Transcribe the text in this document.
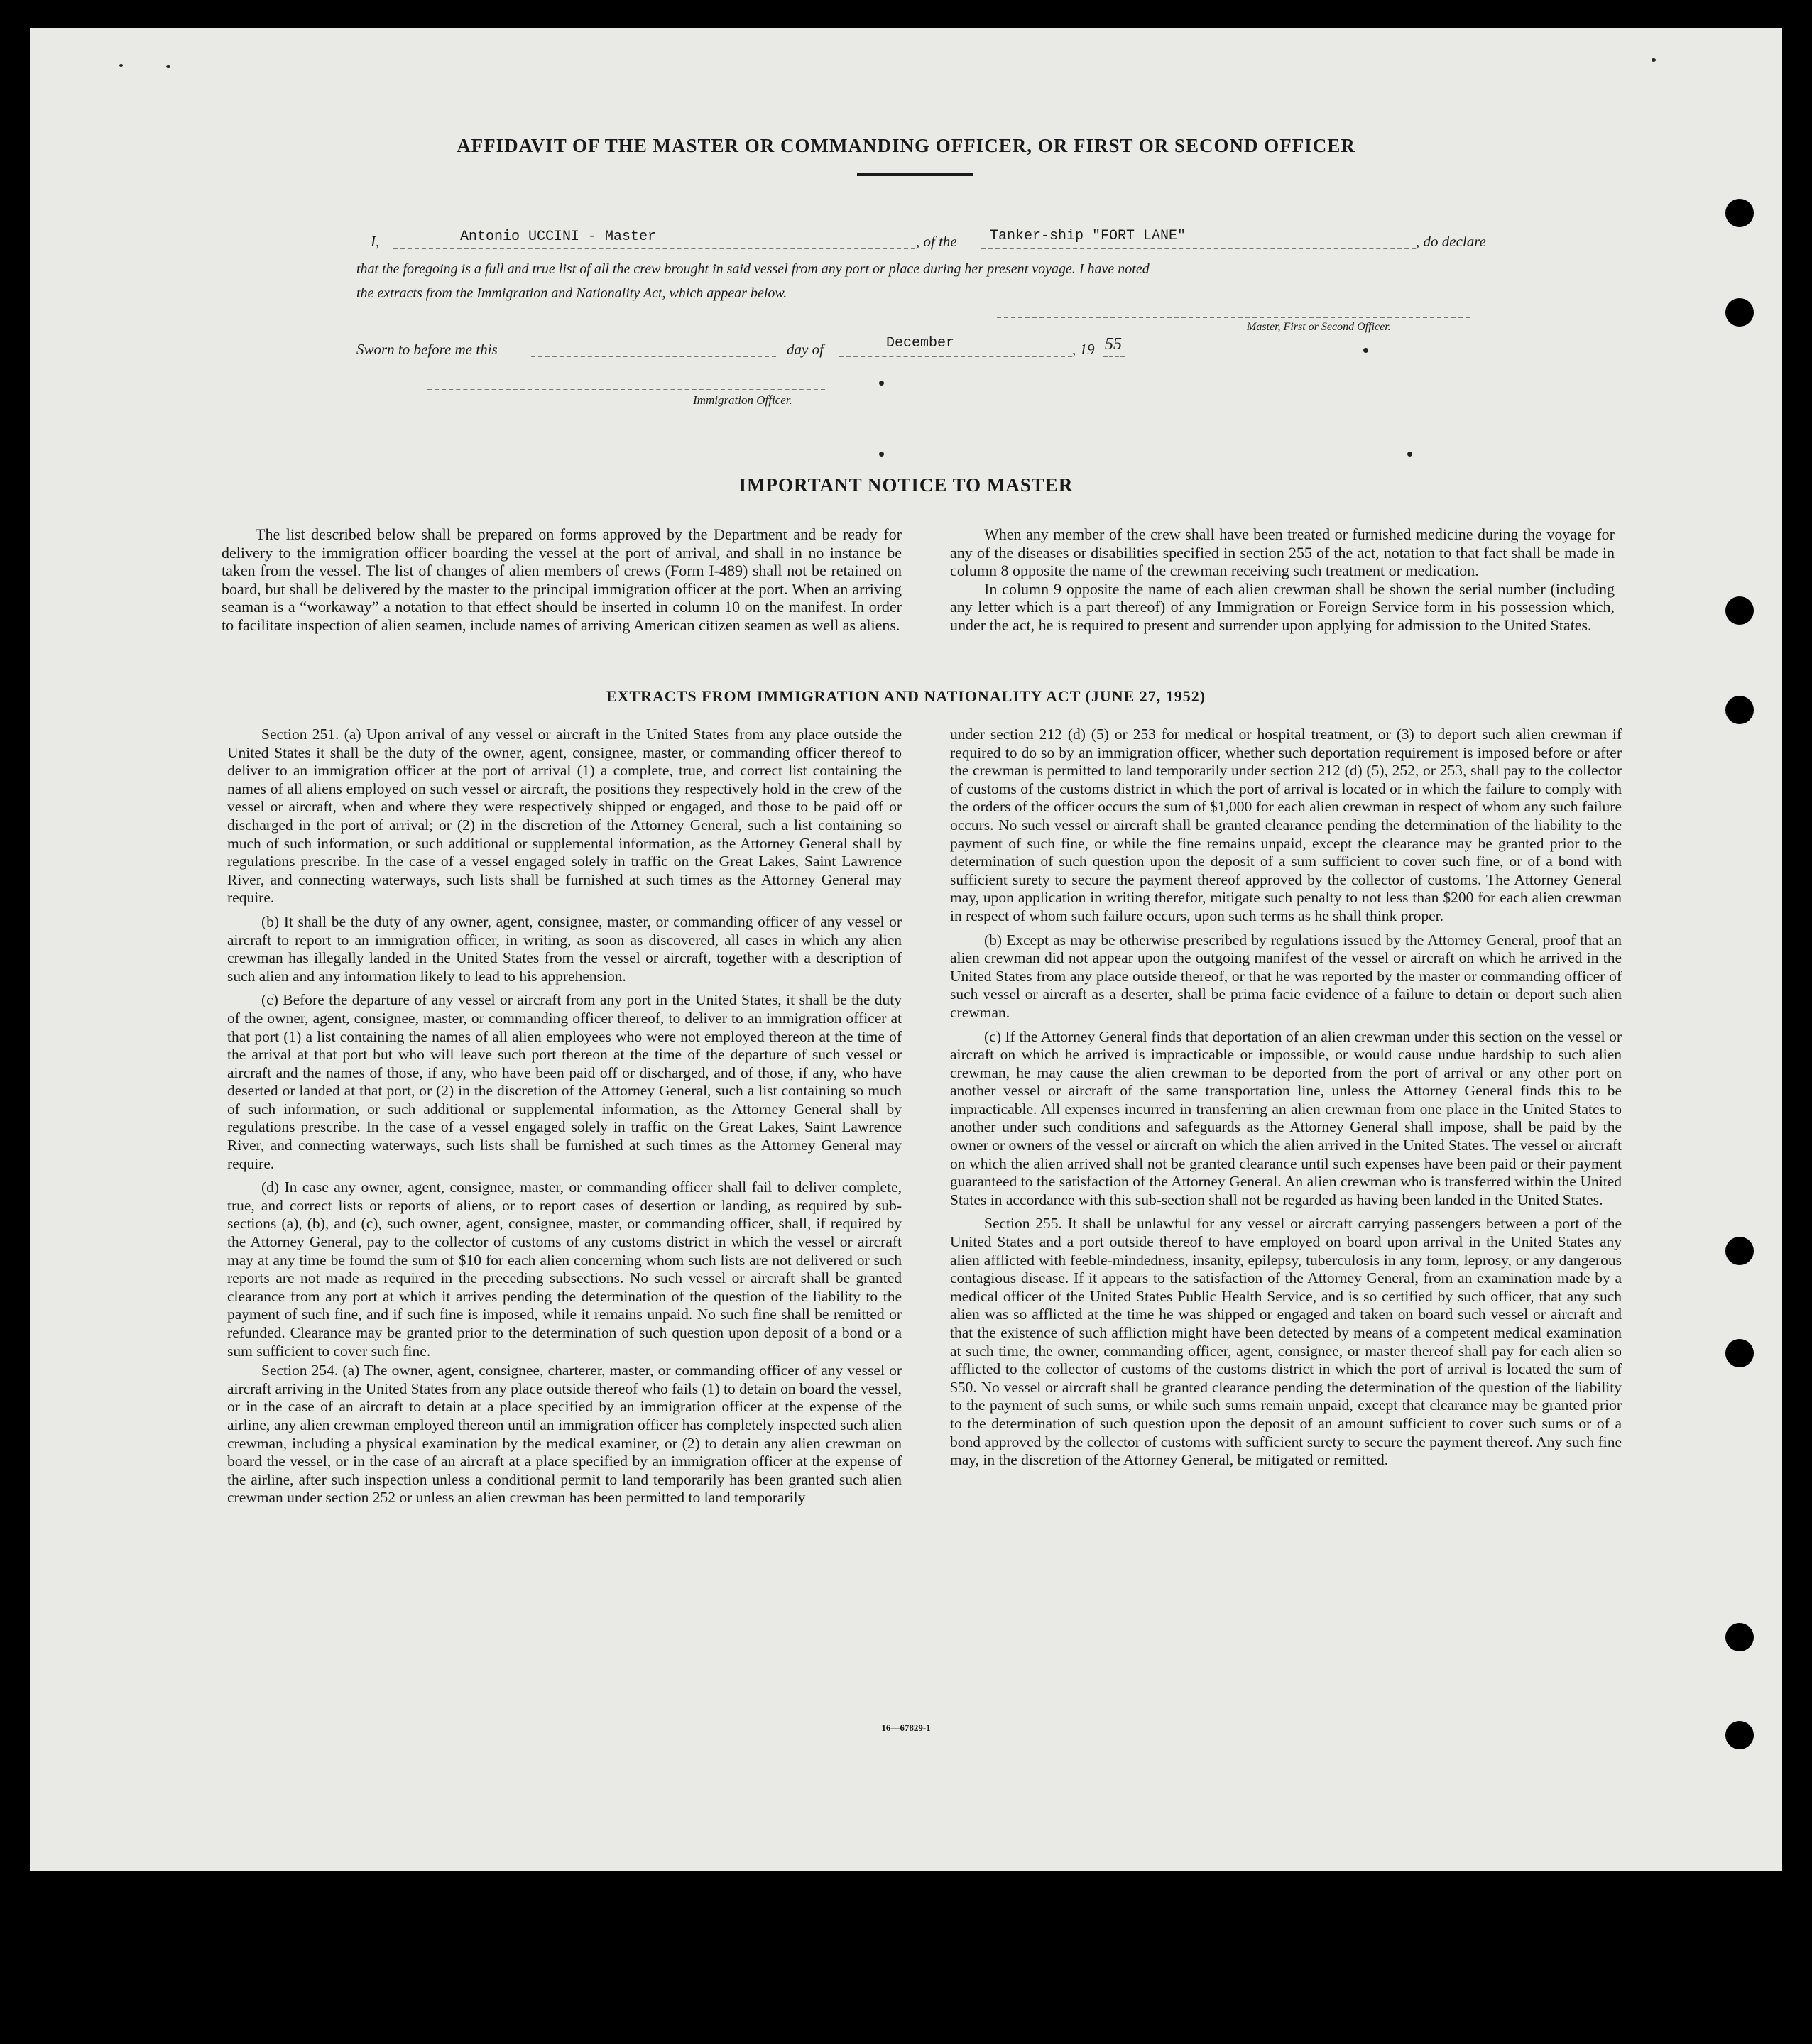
AFFIDAVIT OF THE MASTER OR COMMANDING OFFICER, OR FIRST OR SECOND OFFICER
I,	Antonio UCCINI - Master	, of the Tanker-ship "FORT LANE"	, do declare
that the foregoing is a full and true list of all the crew brought in said vessel from any port or place during her present voyage. I have noted
the extracts from the Immigration and Nationality Act, which appear below.
Master, First or Second Officer.
Sworn to before me this	day of	December	, 19 55
Immigration Officer.
IMPORTANT NOTICE TO MASTER

The list described below shall be prepared on forms approved by the Department and be ready for delivery to the immigration officer boarding the vessel at the port of arrival, and shall in no instance be taken from the vessel. The list of changes of alien members of crews (Form I-489) shall not be retained on board, but shall be delivered by the master to the principal immigration officer at the port. When an arriving seaman is a “workaway” a notation to that effect should be inserted in column 10 on the manifest. In order to facilitate inspection of alien seamen, include names of arriving American citizen seamen as well as aliens.

When any member of the crew shall have been treated or furnished medicine during the voyage for any of the diseases or disabilities specified in section 255 of the act, notation to that fact shall be made in column 8 opposite the name of the crewman receiving such treatment or medication.

In column 9 opposite the name of each alien crewman shall be shown the serial number (including any letter which is a part thereof) of any Immigration or Foreign Service form in his possession which, under the act, he is required to present and surrender upon applying for admission to the United States.

EXTRACTS FROM IMMIGRATION AND NATIONALITY ACT (JUNE 27, 1952)

Section 251. (a) Upon arrival of any vessel or aircraft in the United States from any place outside the United States it shall be the duty of the owner, agent, consignee, master, or commanding officer thereof to deliver to an immigration officer at the port of arrival (1) a complete, true, and correct list containing the names of all aliens employed on such vessel or aircraft, the positions they respectively hold in the crew of the vessel or aircraft, when and where they were respectively shipped or engaged, and those to be paid off or discharged in the port of arrival; or (2) in the discretion of the Attorney General, such a list containing so much of such information, or such additional or supplemental information, as the Attorney General shall by regulations prescribe. In the case of a vessel engaged solely in traffic on the Great Lakes, Saint Lawrence River, and connecting waterways, such lists shall be furnished at such times as the Attorney General may require.

(b) It shall be the duty of any owner, agent, consignee, master, or commanding officer of any vessel or aircraft to report to an immigration officer, in writing, as soon as discovered, all cases in which any alien crewman has illegally landed in the United States from the vessel or aircraft, together with a description of such alien and any information likely to lead to his apprehension.

(c) Before the departure of any vessel or aircraft from any port in the United States, it shall be the duty of the owner, agent, consignee, master, or commanding officer thereof, to deliver to an immigration officer at that port (1) a list containing the names of all alien employees who were not employed thereon at the time of the arrival at that port but who will leave such port thereon at the time of the departure of such vessel or aircraft and the names of those, if any, who have been paid off or discharged, and of those, if any, who have deserted or landed at that port, or (2) in the discretion of the Attorney General, such a list containing so much of such information, or such additional or supplemental information, as the Attorney General shall by regulations prescribe. In the case of a vessel engaged solely in traffic on the Great Lakes, Saint Lawrence River, and connecting waterways, such lists shall be furnished at such times as the Attorney General may require.

(d) In case any owner, agent, consignee, master, or commanding officer shall fail to deliver complete, true, and correct lists or reports of aliens, or to report cases of desertion or landing, as required by sub-sections (a), (b), and (c), such owner, agent, consignee, master, or commanding officer, shall, if required by the Attorney General, pay to the collector of customs of any customs district in which the vessel or aircraft may at any time be found the sum of $10 for each alien concerning whom such lists are not delivered or such reports are not made as required in the preceding subsections. No such vessel or aircraft shall be granted clearance from any port at which it arrives pending the determination of the question of the liability to the payment of such fine, and if such fine is imposed, while it remains unpaid. No such fine shall be remitted or refunded. Clearance may be granted prior to the determination of such question upon deposit of a bond or a sum sufficient to cover such fine.

Section 254. (a) The owner, agent, consignee, charterer, master, or commanding officer of any vessel or aircraft arriving in the United States from any place outside thereof who fails (1) to detain on board the vessel, or in the case of an aircraft to detain at a place specified by an immigration officer at the expense of the airline, any alien crewman employed thereon until an immigration officer has completely inspected such alien crewman, including a physical examination by the medical examiner, or (2) to detain any alien crewman on board the vessel, or in the case of an aircraft at a place specified by an immigration officer at the expense of the airline, after such inspection unless a conditional permit to land temporarily has been granted such alien crewman under section 252 or unless an alien crewman has been permitted to land temporarily

under section 212 (d) (5) or 253 for medical or hospital treatment, or (3) to deport such alien crewman if required to do so by an immigration officer, whether such deportation requirement is imposed before or after the crewman is permitted to land temporarily under section 212 (d) (5), 252, or 253, shall pay to the collector of customs of the customs district in which the port of arrival is located or in which the failure to comply with the orders of the officer occurs the sum of $1,000 for each alien crewman in respect of whom any such failure occurs. No such vessel or aircraft shall be granted clearance pending the determination of the liability to the payment of such fine, or while the fine remains unpaid, except the clearance may be granted prior to the determination of such question upon the deposit of a sum sufficient to cover such fine, or of a bond with sufficient surety to secure the payment thereof approved by the collector of customs. The Attorney General may, upon application in writing therefor, mitigate such penalty to not less than $200 for each alien crewman in respect of whom such failure occurs, upon such terms as he shall think proper.

(b) Except as may be otherwise prescribed by regulations issued by the Attorney General, proof that an alien crewman did not appear upon the outgoing manifest of the vessel or aircraft on which he arrived in the United States from any place outside thereof, or that he was reported by the master or commanding officer of such vessel or aircraft as a deserter, shall be prima facie evidence of a failure to detain or deport such alien crewman.

(c) If the Attorney General finds that deportation of an alien crewman under this section on the vessel or aircraft on which he arrived is impracticable or impossible, or would cause undue hardship to such alien crewman, he may cause the alien crewman to be deported from the port of arrival or any other port on another vessel or aircraft of the same transportation line, unless the Attorney General finds this to be impracticable. All expenses incurred in transferring an alien crewman from one place in the United States to another under such conditions and safeguards as the Attorney General shall impose, shall be paid by the owner or owners of the vessel or aircraft on which the alien arrived in the United States. The vessel or aircraft on which the alien arrived shall not be granted clearance until such expenses have been paid or their payment guaranteed to the satisfaction of the Attorney General. An alien crewman who is transferred within the United States in accordance with this sub-section shall not be regarded as having been landed in the United States.

Section 255. It shall be unlawful for any vessel or aircraft carrying passengers between a port of the United States and a port outside thereof to have employed on board upon arrival in the United States any alien afflicted with feeble-mindedness, insanity, epilepsy, tuberculosis in any form, leprosy, or any dangerous contagious disease. If it appears to the satisfaction of the Attorney General, from an examination made by a medical officer of the United States Public Health Service, and is so certified by such officer, that any such alien was so afflicted at the time he was shipped or engaged and taken on board such vessel or aircraft and that the existence of such affliction might have been detected by means of a competent medical examination at such time, the owner, commanding officer, agent, consignee, or master thereof shall pay for each alien so afflicted to the collector of customs of the customs district in which the port of arrival is located the sum of $50. No vessel or aircraft shall be granted clearance pending the determination of the question of the liability to the payment of such sums, or while such sums remain unpaid, except that clearance may be granted prior to the determination of such question upon the deposit of an amount sufficient to cover such sums or of a bond approved by the collector of customs with sufficient surety to secure the payment thereof. Any such fine may, in the discretion of the Attorney General, be mitigated or remitted.

16—67829-1
